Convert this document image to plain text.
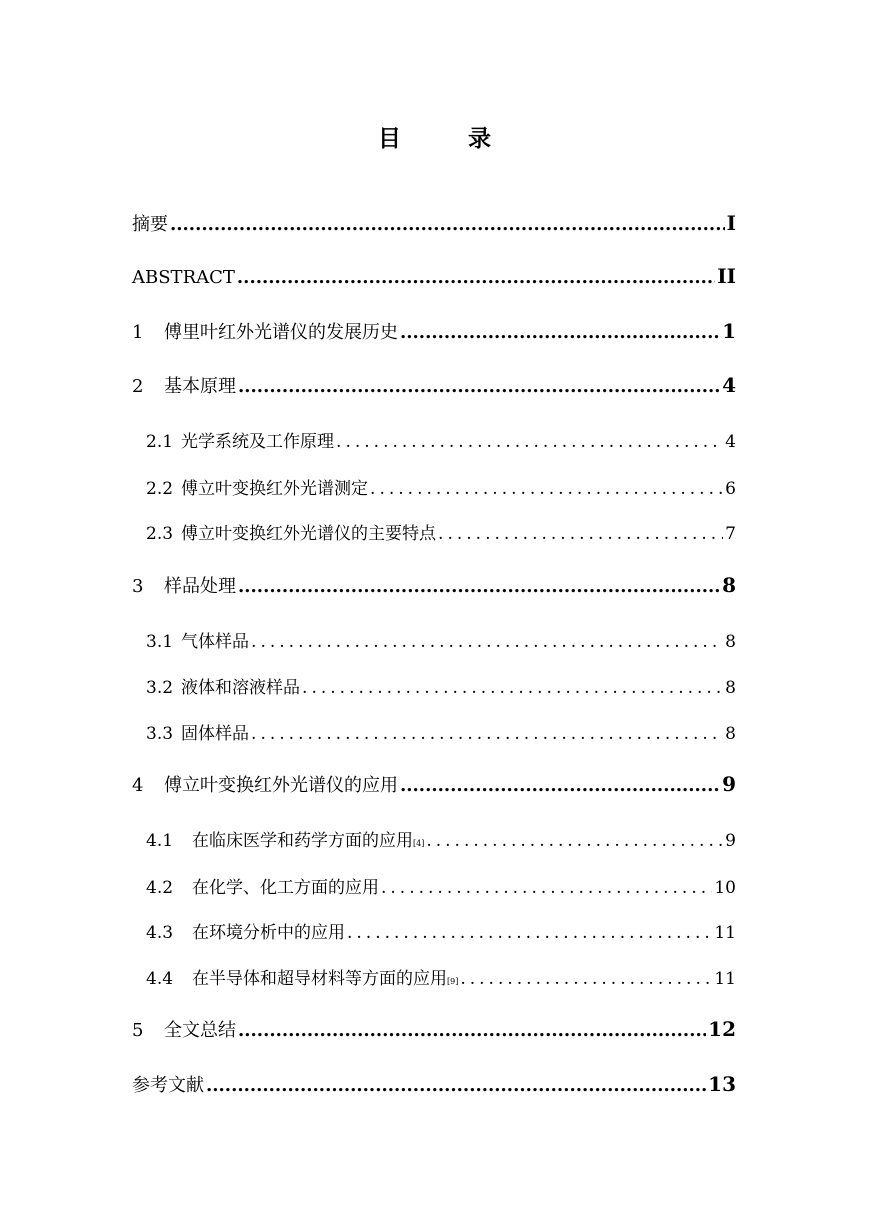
目　录
摘要 .....	I
ABSTRACT .....	II
1	傅里叶红外光谱仪的发展历史 .....	1
2	基本原理 .....	4
2.1 光学系统及工作原理 .....	4
2.2 傅立叶变换红外光谱测定 .....	6
2.3 傅立叶变换红外光谱仪的主要特点 .....	7
3	样品处理 .....	8
3.1 气体样品 .....	8
3.2 液体和溶液样品 .....	8
3.3 固体样品 .....	8
4	傅立叶变换红外光谱仪的应用 .....	9
4.1	在临床医学和药学方面的应用 [4] .....	9
4.2	在化学、化工方面的应用 .....	10
4.3	在环境分析中的应用 .....	11
4.4	在半导体和超导材料等方面的应用 [9] .....	11
5	全文总结 .....	12
参考文献 .....	13
